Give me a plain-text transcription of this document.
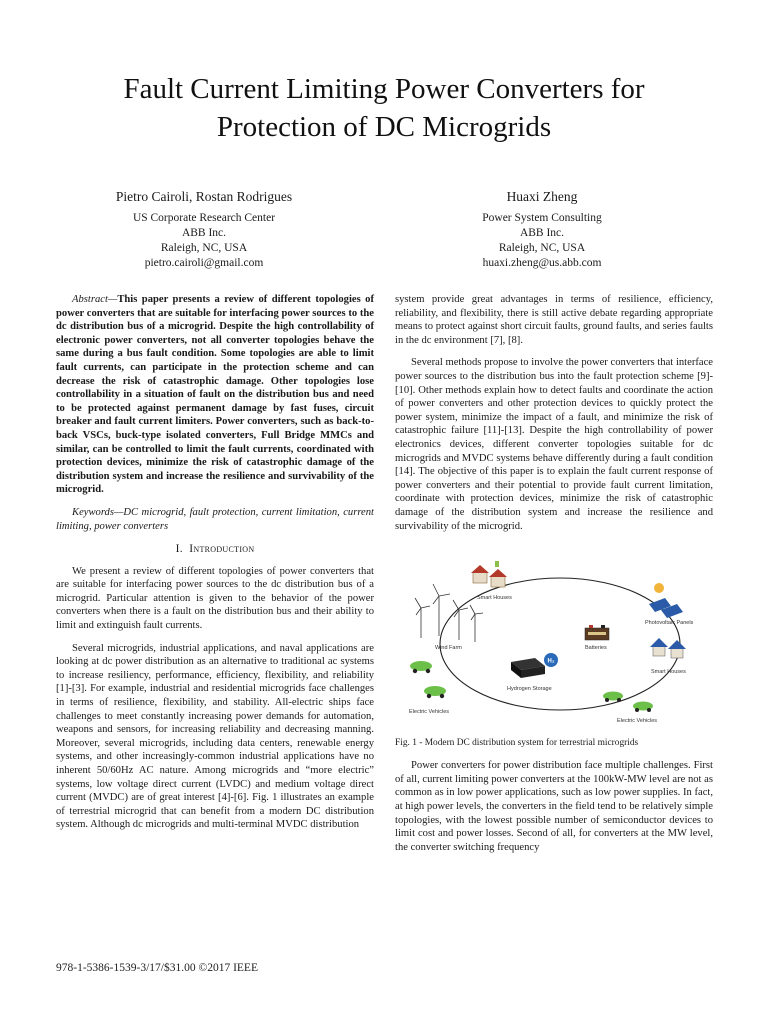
Fault Current Limiting Power Converters for
Protection of DC Microgrids
Pietro Cairoli, Rostan Rodrigues
US Corporate Research Center
ABB Inc.
Raleigh, NC, USA
pietro.cairoli@gmail.com
Huaxi Zheng
Power System Consulting
ABB Inc.
Raleigh, NC, USA
huaxi.zheng@us.abb.com

Abstract—This paper presents a review of different topologies of power converters that are suitable for interfacing power sources to the dc distribution bus of a microgrid. Despite the high controllability of electronic power converters, not all converter topologies behave the same during a bus fault condition. Some topologies are able to limit fault currents, can participate in the protection scheme and can decrease the risk of catastrophic damage. Other topologies lose controllability in a situation of fault on the distribution bus and need to be protected against permanent damage by fast fuses, circuit breaker and fault current limiters. Power converters, such as back-to-back VSCs, buck-type isolated converters, Full Bridge MMCs and similar, can be controlled to limit the fault currents, coordinated with protection devices, minimize the risk of catastrophic damage of the distribution system and increase the resilience and survivability of the microgrid.

Keywords—DC microgrid, fault protection, current limitation, current limiting, power converters

I. Introduction

We present a review of different topologies of power converters that are suitable for interfacing power sources to the dc distribution bus of a microgrid. Particular attention is given to the behavior of the power converters when there is a fault on the distribution bus and their ability to limit and extinguish fault currents.

Several microgrids, industrial applications, and naval applications are looking at dc power distribution as an alternative to traditional ac systems to increase resiliency, performance, efficiency, flexibility, and reliability [1]-[3]. For example, industrial and residential microgrids face challenges in terms of resilience, flexibility, and stability. All-electric ships face challenges to meet constantly increasing power demands for automation, weapons and sensors, for increasing reliability and decreasing manning. Moreover, several microgrids, including data centers, renewable energy systems, and other increasingly-common industrial applications have no inherent 50/60Hz AC nature. Among microgrids and “more electric” systems, low voltage direct current (LVDC) and medium voltage direct current (MVDC) are of great interest [4]-[6]. Fig. 1 illustrates an example of terrestrial microgrid that can benefit from a modern DC distribution system. Although dc microgrids and multi-terminal MVDC distribution

system provide great advantages in terms of resilience, efficiency, reliability, and flexibility, there is still active debate regarding appropriate means to protect against short circuit faults, ground faults, and series faults in the dc environment [7], [8].

Several methods propose to involve the power converters that interface power sources to the distribution bus into the fault protection scheme [9]-[10]. Other methods explain how to detect faults and coordinate the action of power converters and other protection devices to quickly protect the power system, minimize the impact of a fault, and minimize the risk of catastrophic failure [11]-[13]. Despite the high controllability of power electronics devices, different converter topologies suitable for dc microgrids and MVDC systems behave differently during a fault condition [14]. The objective of this paper is to explain the fault current response of power converters and their potential to provide fault current limitation, coordinate with protection devices, minimize the risk of catastrophic damage of the distribution system and increase the resilience and survivability of the microgrid.

Smart Houses
Photovoltaic Panels
Wind Farm	Batteries
Smart Houses
H₂
Hydrogen Storage
Electric Vehicles
Electric Vehicles

Fig. 1 - Modern DC distribution system for terrestrial microgrids

Power converters for power distribution face multiple challenges. First of all, current limiting power converters at the 100kW-MW level are not as common as in low power applications, such as low power supplies. In fact, at high power levels, the converters in the field tend to be relatively simple topologies, with the lowest possible number of semiconductor devices to limit cost and power losses. Second of all, for converters at the MW level, the converter switching frequency

978-1-5386-1539-3/17/$31.00 ©2017 IEEE
